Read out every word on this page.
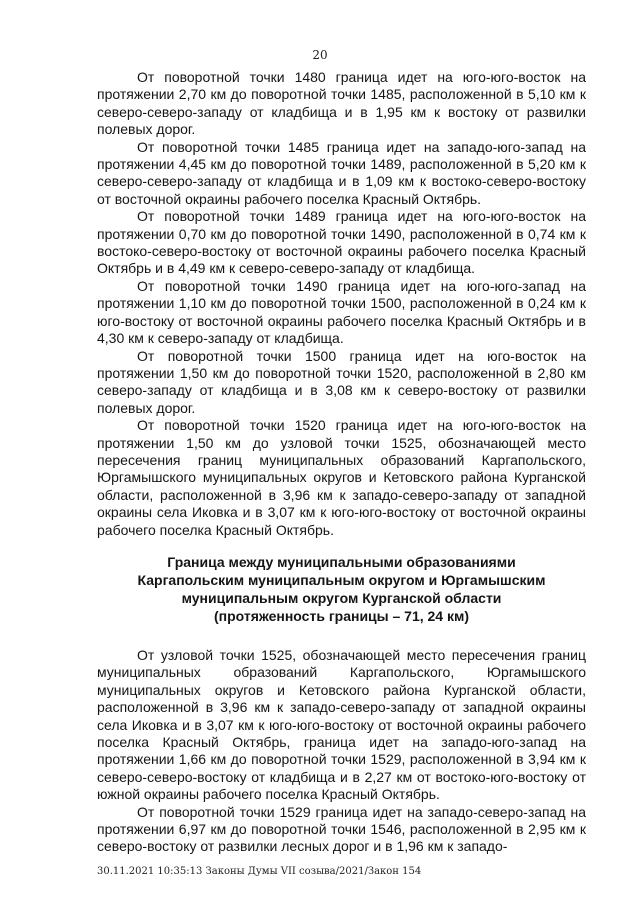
20

От поворотной точки 1480 граница идет на юго-юго-восток на протяжении 2,70 км до поворотной точки 1485, расположенной в 5,10 км к северо-северо-западу от кладбища и в 1,95 км к востоку от развилки полевых дорог.

От поворотной точки 1485 граница идет на западо-юго-запад на протяжении 4,45 км до поворотной точки 1489, расположенной в 5,20 км к северо-северо-западу от кладбища и в 1,09 км к востоко-северо-востоку от восточной окраины рабочего поселка Красный Октябрь.

От поворотной точки 1489 граница идет на юго-юго-восток на протяжении 0,70 км до поворотной точки 1490, расположенной в 0,74 км к востоко-северо-востоку от восточной окраины рабочего поселка Красный Октябрь и в 4,49 км к северо-северо-западу от кладбища.

От поворотной точки 1490 граница идет на юго-юго-запад на протяжении 1,10 км до поворотной точки 1500, расположенной в 0,24 км к юго-востоку от восточной окраины рабочего поселка Красный Октябрь и в 4,30 км к северо-западу от кладбища.

От поворотной точки 1500 граница идет на юго-восток на протяжении 1,50 км до поворотной точки 1520, расположенной в 2,80 км северо-западу от кладбища и в 3,08 км к северо-востоку от развилки полевых дорог.

От поворотной точки 1520 граница идет на юго-юго-восток на протяжении 1,50 км до узловой точки 1525, обозначающей место пересечения границ муниципальных образований Каргапольского, Юргамышского муниципальных округов и Кетовского района Курганской области, расположенной в 3,96 км к западо-северо-западу от западной окраины села Иковка и в 3,07 км к юго-юго-востоку от восточной окраины рабочего поселка Красный Октябрь.

Граница между муниципальными образованиями
Каргапольским муниципальным округом и Юргамышским
муниципальным округом Курганской области
(протяженность границы – 71, 24 км)

От узловой точки 1525, обозначающей место пересечения границ муниципальных образований Каргапольского, Юргамышского муниципальных округов и Кетовского района Курганской области, расположенной в 3,96 км к западо-северо-западу от западной окраины села Иковка и в 3,07 км к юго-юго-востоку от восточной окраины рабочего поселка Красный Октябрь, граница идет на западо-юго-запад на протяжении 1,66 км до поворотной точки 1529, расположенной в 3,94 км к северо-северо-востоку от кладбища и в 2,27 км от востоко-юго-востоку от южной окраины рабочего поселка Красный Октябрь.

От поворотной точки 1529 граница идет на западо-северо-запад на протяжении 6,97 км до поворотной точки 1546, расположенной в 2,95 км к северо-востоку от развилки лесных дорог и в 1,96 км к западо-

30.11.2021 10:35:13 Законы Думы VII созыва/2021/Закон 154
